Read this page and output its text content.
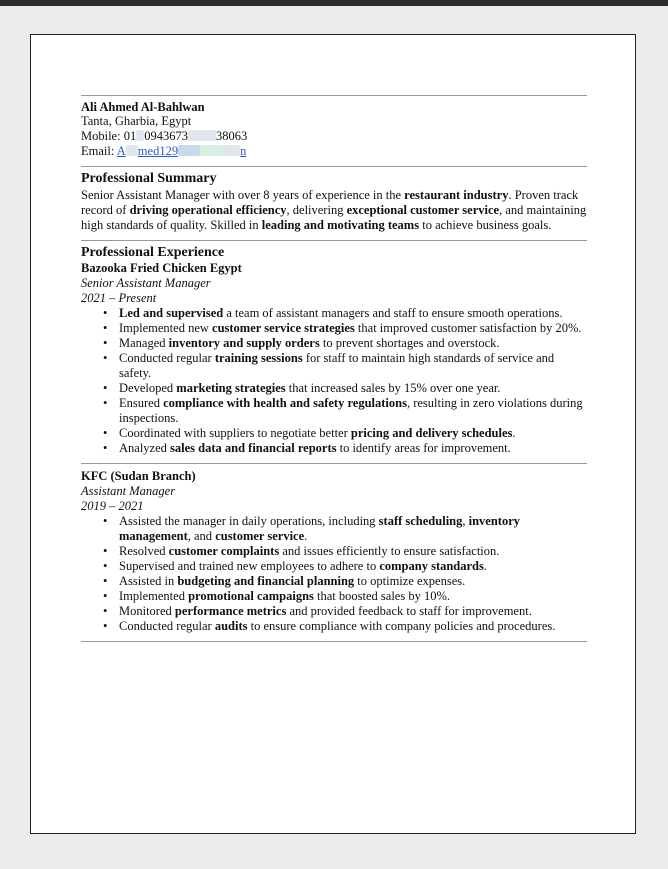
Ali Ahmed Al-Bahlwan
Tanta, Gharbia, Egypt
Mobile: 01 0943673 38063
Email: A med129	n
Professional Summary

Senior Assistant Manager with over 8 years of experience in the restaurant industry. Proven track record of driving operational efficiency, delivering exceptional customer service, and maintaining high standards of quality. Skilled in leading and motivating teams to achieve business goals.

Professional Experience
Bazooka Fried Chicken Egypt
Senior Assistant Manager
2021 – Present
• Led and supervised a team of assistant managers and staff to ensure smooth operations.
• Implemented new customer service strategies that improved customer satisfaction by 20%.
• Managed inventory and supply orders to prevent shortages and overstock.
• Conducted regular training sessions for staff to maintain high standards of service and safety.
• Developed marketing strategies that increased sales by 15% over one year.
• Ensured compliance with health and safety regulations, resulting in zero violations during inspections.
• Coordinated with suppliers to negotiate better pricing and delivery schedules.
• Analyzed sales data and financial reports to identify areas for improvement.
KFC (Sudan Branch)
Assistant Manager
2019 – 2021
• Assisted the manager in daily operations, including staff scheduling, inventory management, and customer service.
• Resolved customer complaints and issues efficiently to ensure satisfaction.
• Supervised and trained new employees to adhere to company standards.
• Assisted in budgeting and financial planning to optimize expenses.
• Implemented promotional campaigns that boosted sales by 10%.
• Monitored performance metrics and provided feedback to staff for improvement.
• Conducted regular audits to ensure compliance with company policies and procedures.
